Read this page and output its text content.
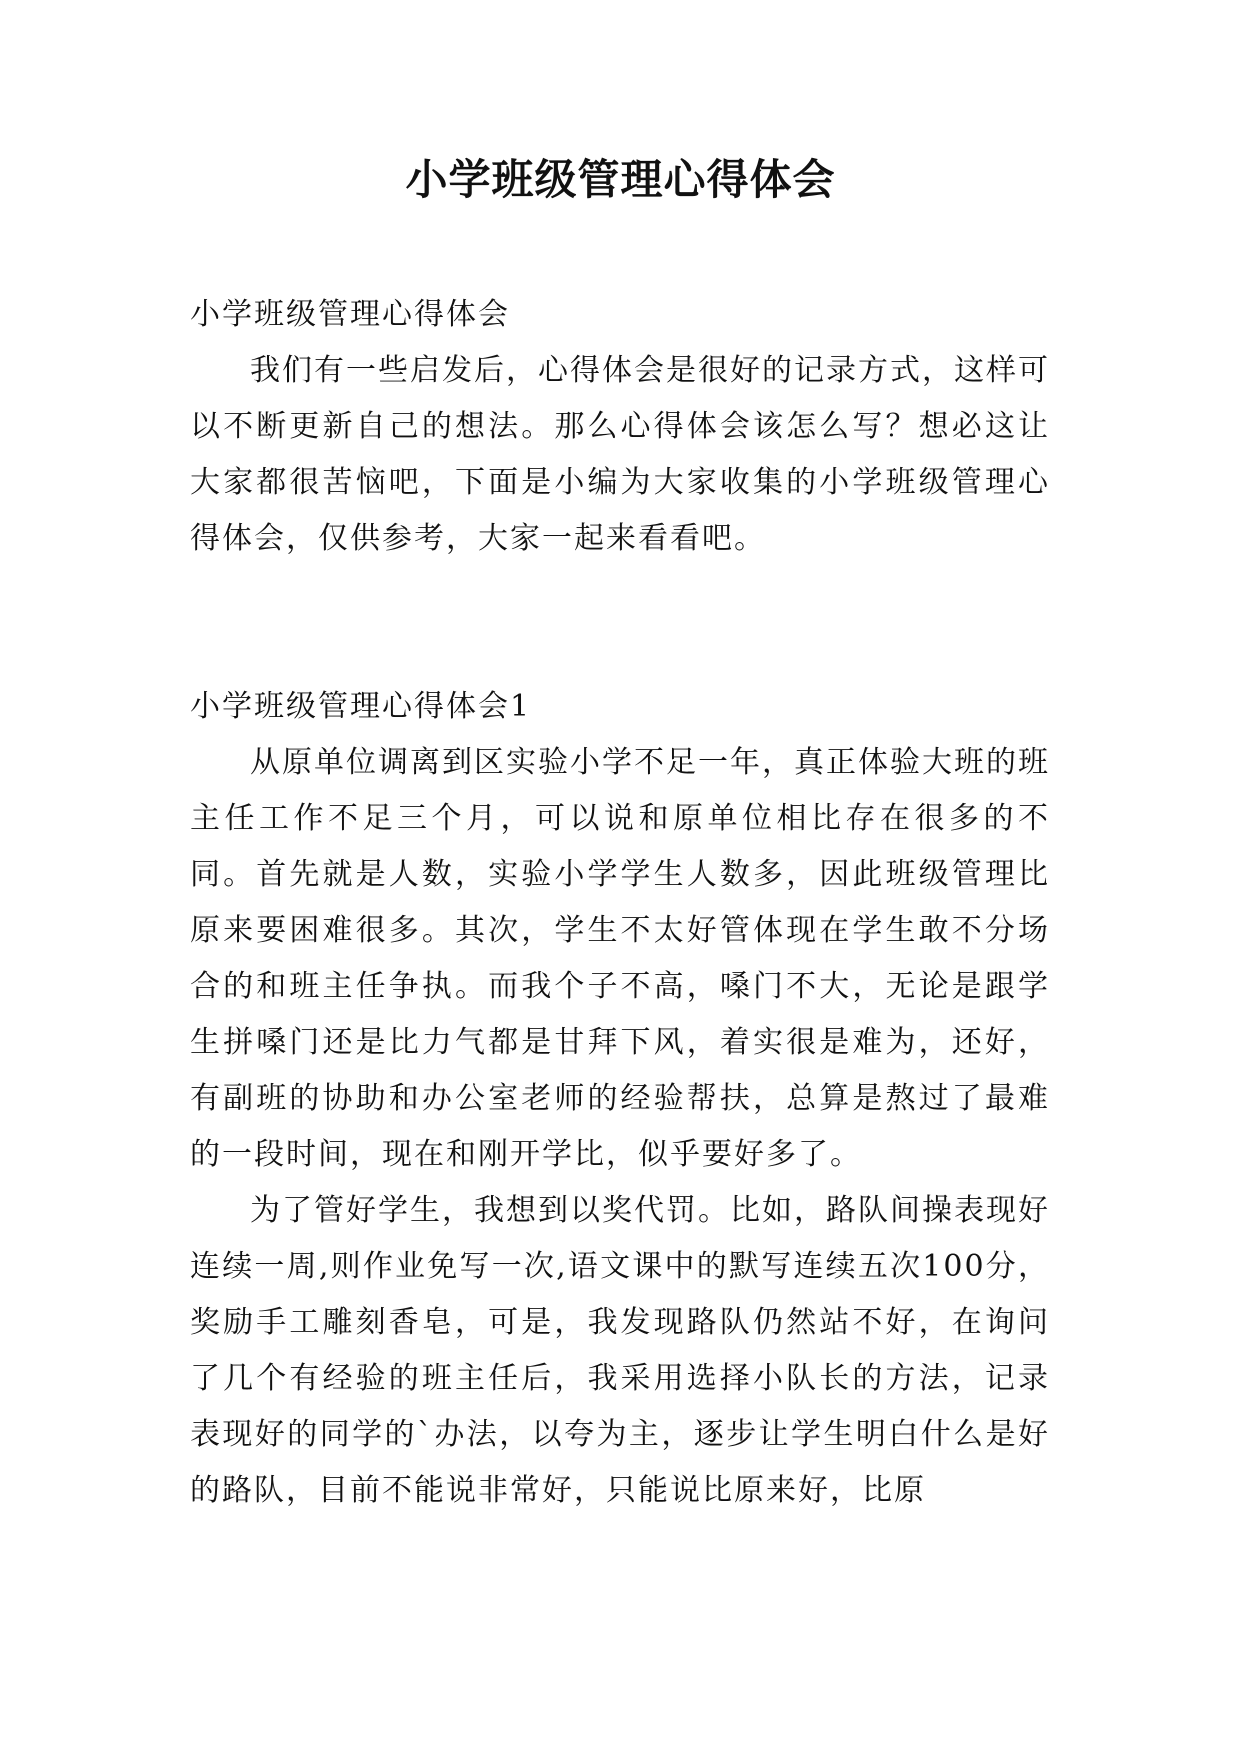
小学班级管理心得体会

小学班级管理心得体会

我们有一些启发后，心得体会是很好的记录方式，这样可以不断更新自己的想法。那么心得体会该怎么写？想必这让大家都很苦恼吧，下面是小编为大家收集的小学班级管理心得体会，仅供参考，大家一起来看看吧。

小学班级管理心得体会1

从原单位调离到区实验小学不足一年，真正体验大班的班主任工作不足三个月，可以说和原单位相比存在很多的不同。首先就是人数，实验小学学生人数多，因此班级管理比原来要困难很多。其次，学生不太好管体现在学生敢不分场合的和班主任争执。而我个子不高，嗓门不大，无论是跟学生拼嗓门还是比力气都是甘拜下风，着实很是难为，还好，有副班的协助和办公室老师的经验帮扶，总算是熬过了最难的一段时间，现在和刚开学比，似乎要好多了。

为了管好学生，我想到以奖代罚。比如，路队间操表现好连续一周,则作业免写一次,语文课中的默写连续五次100分，奖励手工雕刻香皂，可是，我发现路队仍然站不好，在询问了几个有经验的班主任后，我采用选择小队长的方法，记录表现好的同学的`办法，以夸为主，逐步让学生明白什么是好的路队，目前不能说非常好，只能说比原来好，比原
